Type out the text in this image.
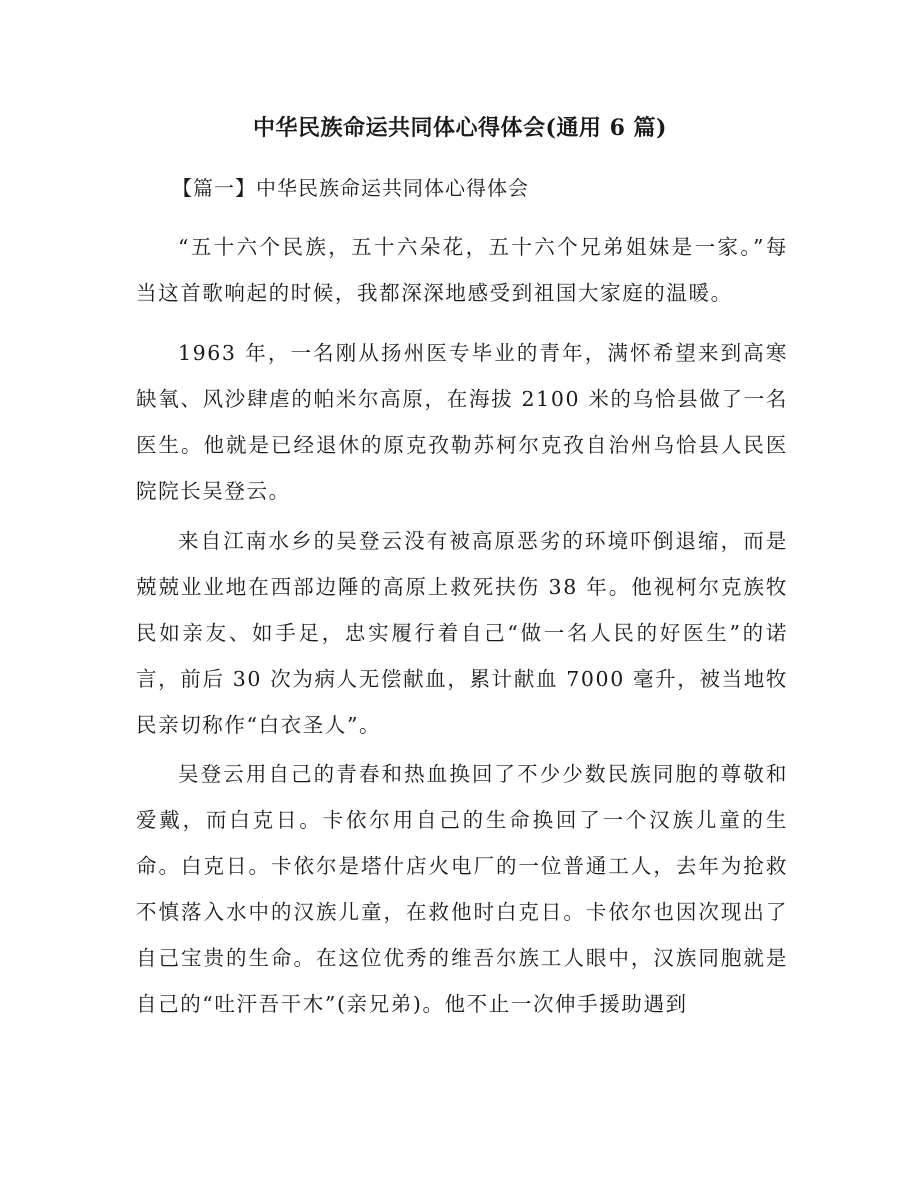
中华民族命运共同体心得体会(通用 6 篇)
【篇一】中华民族命运共同体心得体会

“五十六个民族，五十六朵花，五十六个兄弟姐妹是一家。”每当这首歌响起的时候，我都深深地感受到祖国大家庭的温暖。

1963 年，一名刚从扬州医专毕业的青年，满怀希望来到高寒缺氧、风沙肆虐的帕米尔高原，在海拔 2100 米的乌恰县做了一名医生。他就是已经退休的原克孜勒苏柯尔克孜自治州乌恰县人民医院院长吴登云。

来自江南水乡的吴登云没有被高原恶劣的环境吓倒退缩，而是兢兢业业地在西部边陲的高原上救死扶伤 38 年。他视柯尔克族牧民如亲友、如手足，忠实履行着自己“做一名人民的好医生”的诺言，前后 30 次为病人无偿献血，累计献血 7000 毫升，被当地牧民亲切称作“白衣圣人”。

吴登云用自己的青春和热血换回了不少少数民族同胞的尊敬和爱戴，而白克日。卡依尔用自己的生命换回了一个汉族儿童的生命。白克日。卡依尔是塔什店火电厂的一位普通工人，去年为抢救不慎落入水中的汉族儿童，在救他时白克日。卡依尔也因次现出了自己宝贵的生命。在这位优秀的维吾尔族工人眼中，汉族同胞就是自己的“吐汗吾干木”(亲兄弟)。他不止一次伸手援助遇到
